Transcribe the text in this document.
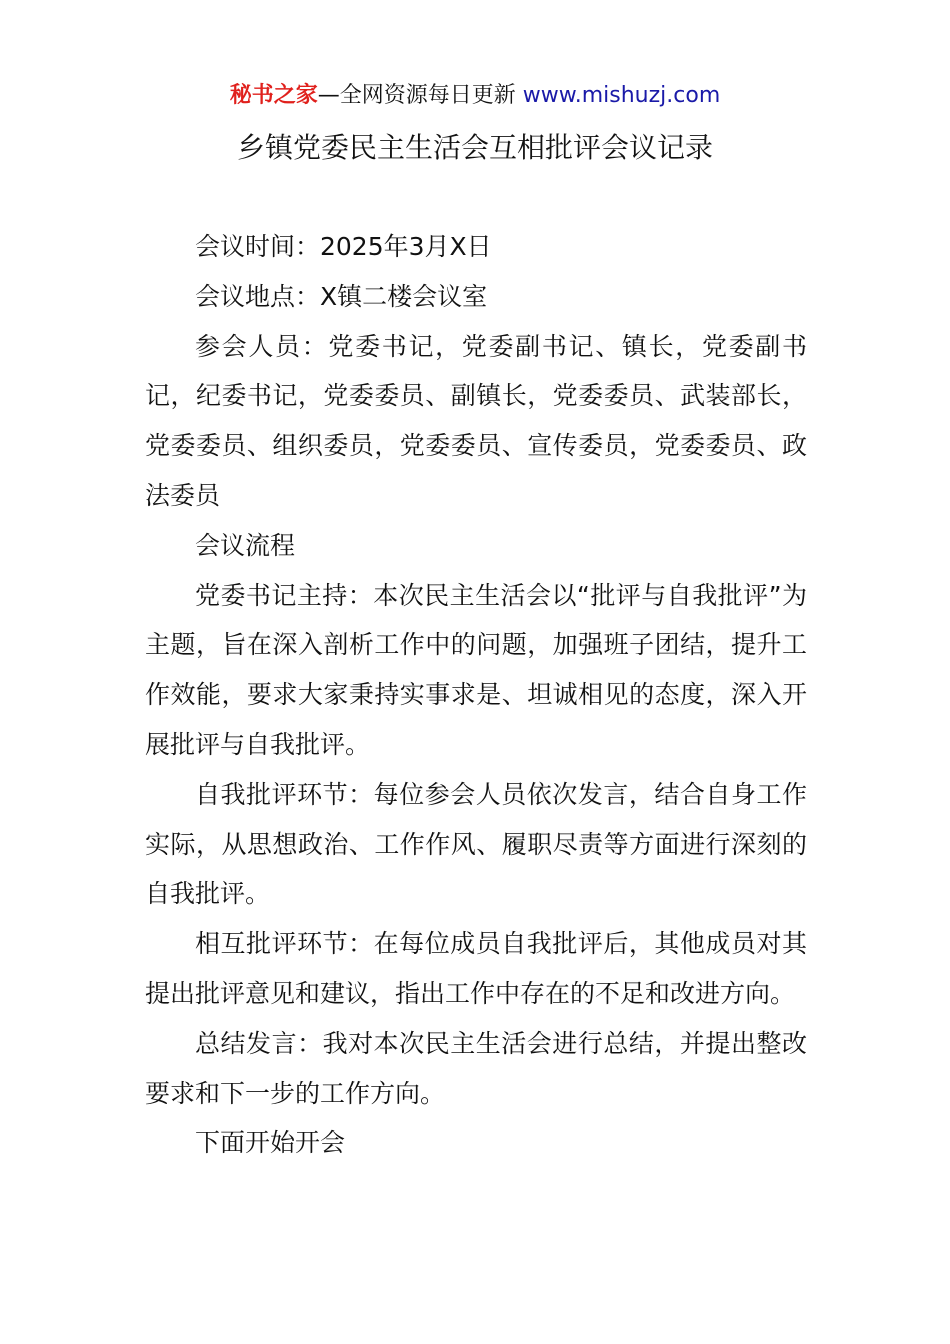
秘书之家—全网资源每日更新 www.mishuzj.com
乡镇党委民主生活会互相批评会议记录

会议时间：2025年3月X日

会议地点：X镇二楼会议室

参会人员：党委书记，党委副书记、镇长，党委副书记，纪委书记，党委委员、副镇长，党委委员、武装部长，党委委员、组织委员，党委委员、宣传委员，党委委员、政法委员

会议流程

党委书记主持：本次民主生活会以“批评与自我批评”为主题，旨在深入剖析工作中的问题，加强班子团结，提升工作效能，要求大家秉持实事求是、坦诚相见的态度，深入开展批评与自我批评。

自我批评环节：每位参会人员依次发言，结合自身工作实际，从思想政治、工作作风、履职尽责等方面进行深刻的自我批评。

相互批评环节：在每位成员自我批评后，其他成员对其提出批评意见和建议，指出工作中存在的不足和改进方向。

总结发言：我对本次民主生活会进行总结，并提出整改要求和下一步的工作方向。

下面开始开会
